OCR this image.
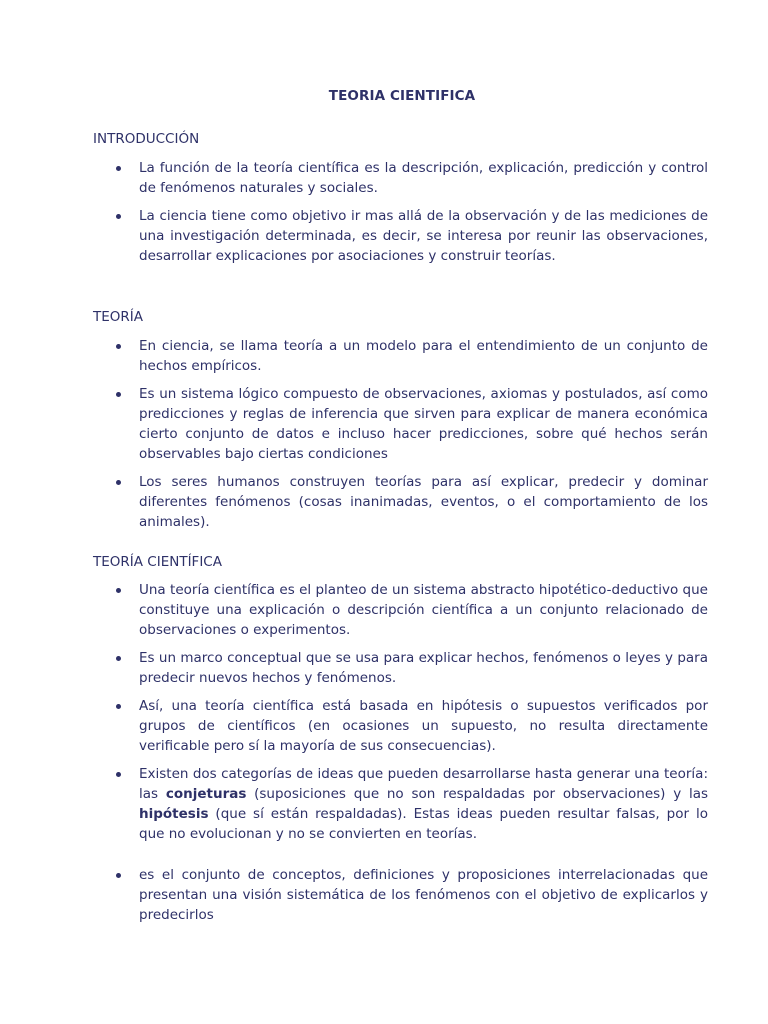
TEORIA CIENTIFICA
INTRODUCCIÓN
La función de la teoría científica es la descripción, explicación, predicción y control de fenómenos naturales y sociales.
La ciencia tiene como objetivo ir mas allá de la observación y de las mediciones de una investigación determinada, es decir, se interesa por reunir las observaciones, desarrollar explicaciones por asociaciones y construir teorías.
TEORÍA
En ciencia, se llama teoría a un modelo para el entendimiento de un conjunto de hechos empíricos.
Es un sistema lógico compuesto de observaciones, axiomas y postulados, así como predicciones y reglas de inferencia que sirven para explicar de manera económica cierto conjunto de datos e incluso hacer predicciones, sobre qué hechos serán observables bajo ciertas condiciones
Los seres humanos construyen teorías para así explicar, predecir y dominar diferentes fenómenos (cosas inanimadas, eventos, o el comportamiento de los animales).
TEORÍA CIENTÍFICA
Una teoría científica es el planteo de un sistema abstracto hipotético-deductivo que constituye una explicación o descripción científica a un conjunto relacionado de observaciones o experimentos.
Es un marco conceptual que se usa para explicar hechos, fenómenos o leyes y para predecir nuevos hechos y fenómenos.
Así, una teoría científica está basada en hipótesis o supuestos verificados por grupos de científicos (en ocasiones un supuesto, no resulta directamente verificable pero sí la mayoría de sus consecuencias).
Existen dos categorías de ideas que pueden desarrollarse hasta generar una teoría: las conjeturas (suposiciones que no son respaldadas por observaciones) y las hipótesis (que sí están respaldadas). Estas ideas pueden resultar falsas, por lo que no evolucionan y no se convierten en teorías.
es el conjunto de conceptos, definiciones y proposiciones interrelacionadas que presentan una visión sistemática de los fenómenos con el objetivo de explicarlos y predecirlos
